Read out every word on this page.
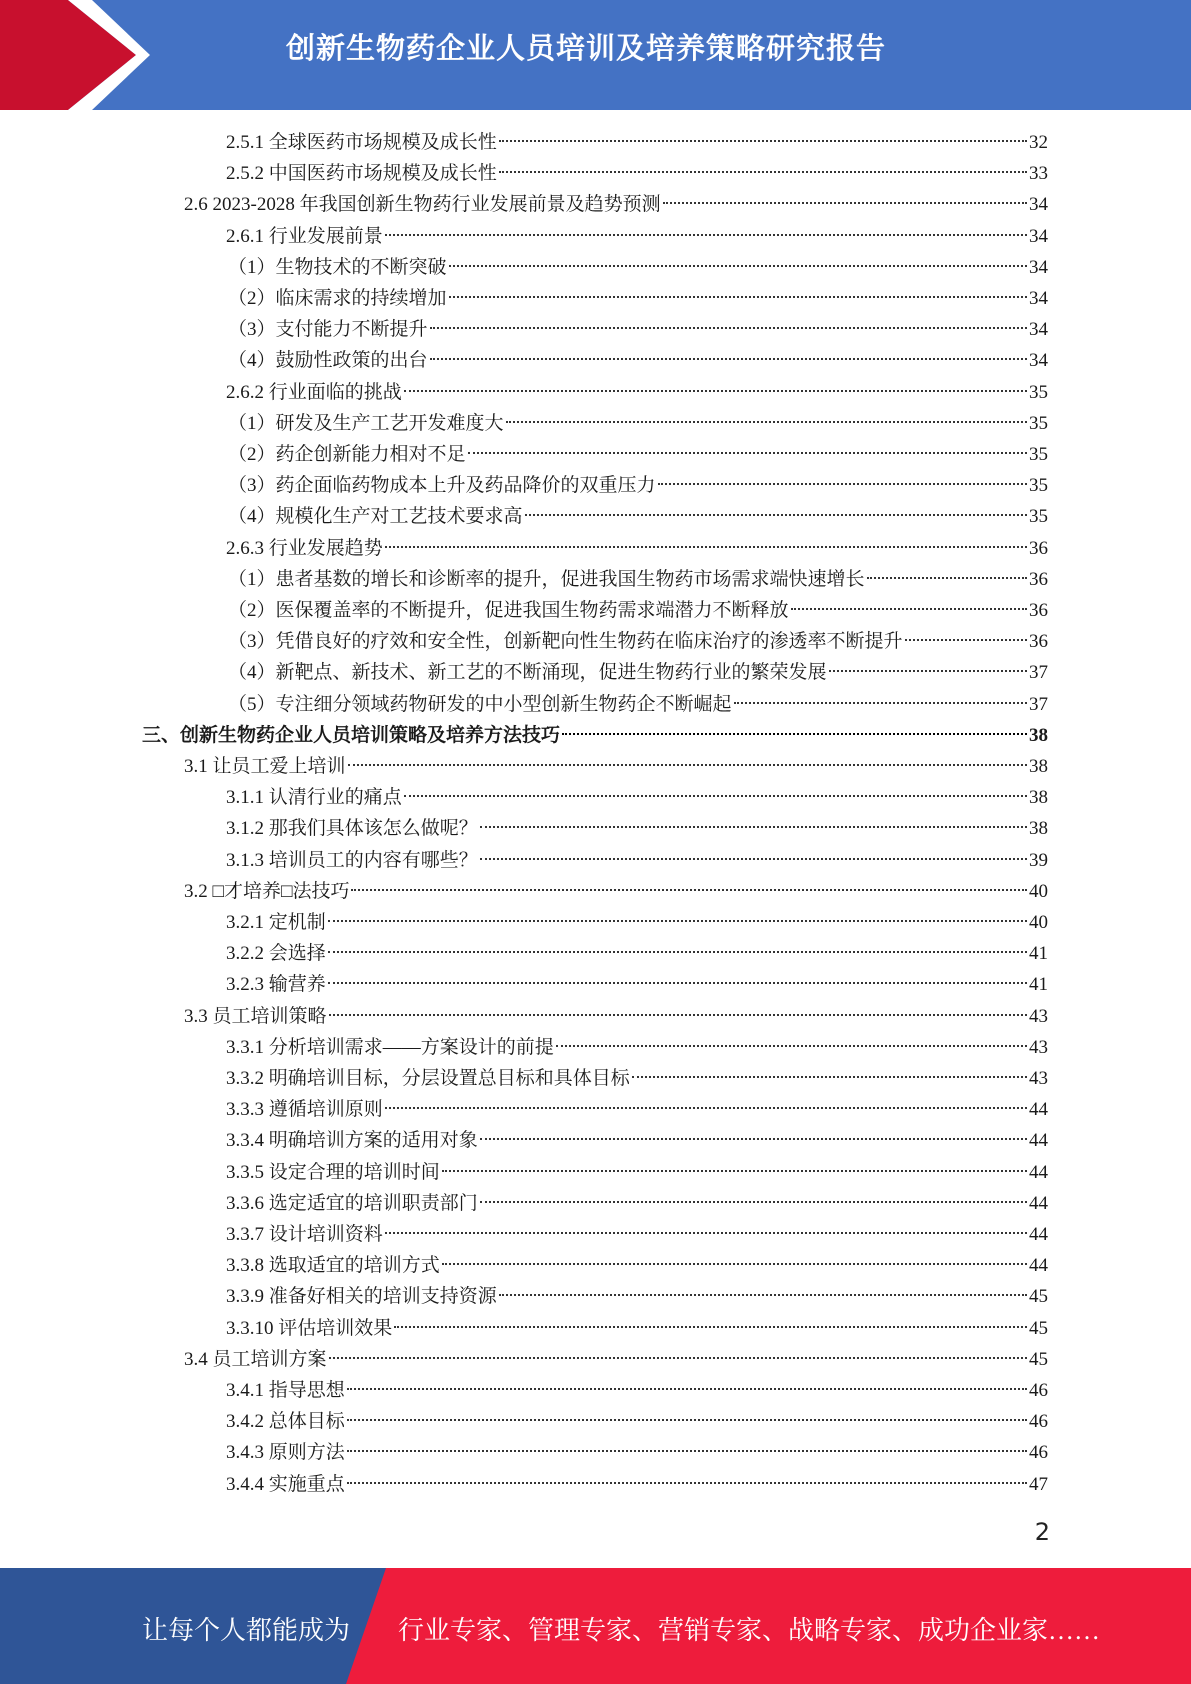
创新生物药企业人员培训及培养策略研究报告
2.5.1 全球医药市场规模及成长性	32
2.5.2 中国医药市场规模及成长性	33
2.6 2023-2028 年我国创新生物药行业发展前景及趋势预测	34
2.6.1 行业发展前景	34
（1）生物技术的不断突破	34
（2）临床需求的持续增加	34
（3）支付能力不断提升	34
（4）鼓励性政策的出台	34
2.6.2 行业面临的挑战	35
（1）研发及生产工艺开发难度大	35
（2）药企创新能力相对不足	35
（3）药企面临药物成本上升及药品降价的双重压力	35
（4）规模化生产对工艺技术要求高	35
2.6.3 行业发展趋势	36
（1）患者基数的增长和诊断率的提升，促进我国生物药市场需求端快速增长	36
（2）医保覆盖率的不断提升，促进我国生物药需求端潜力不断释放	36
（3）凭借良好的疗效和安全性，创新靶向性生物药在临床治疗的渗透率不断提升	36
（4）新靶点、新技术、新工艺的不断涌现，促进生物药行业的繁荣发展	37
（5）专注细分领域药物研发的中小型创新生物药企不断崛起	37
三、创新生物药企业人员培训策略及培养方法技巧	38
3.1 让员工爱上培训	38
3.1.1 认清行业的痛点	38
3.1.2 那我们具体该怎么做呢？	38
3.1.3 培训员工的内容有哪些？	39
3.2 □才培养□法技巧	40
3.2.1 定机制	40
3.2.2 会选择	41
3.2.3 输营养	41
3.3 员工培训策略	43
3.3.1 分析培训需求——方案设计的前提	43
3.3.2 明确培训目标，分层设置总目标和具体目标	43
3.3.3 遵循培训原则	44
3.3.4 明确培训方案的适用对象	44
3.3.5 设定合理的培训时间	44
3.3.6 选定适宜的培训职责部门	44
3.3.7 设计培训资料	44
3.3.8 选取适宜的培训方式	44
3.3.9 准备好相关的培训支持资源	45
3.3.10 评估培训效果	45
3.4 员工培训方案	45
3.4.1 指导思想	46
3.4.2 总体目标	46
3.4.3 原则方法	46
3.4.4 实施重点	47
2
让每个人都能成为 行业专家、管理专家、营销专家、战略专家、成功企业家……
